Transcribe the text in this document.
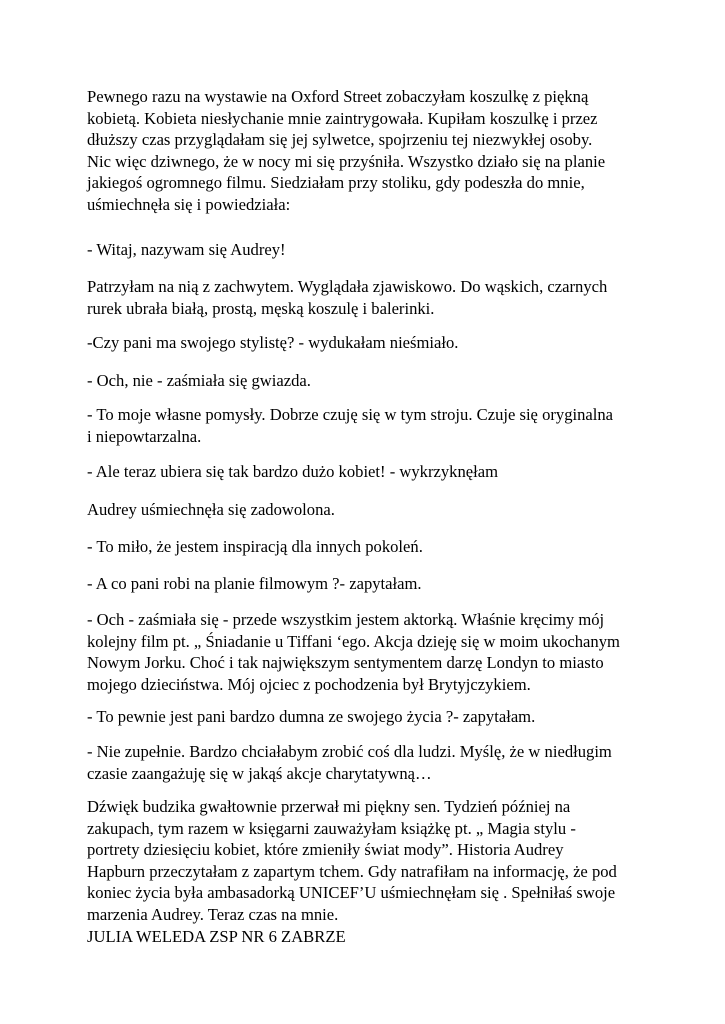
Pewnego razu na wystawie na Oxford Street zobaczyłam koszulkę z piękną
kobietą. Kobieta niesłychanie mnie zaintrygowała. Kupiłam koszulkę i przez
dłuższy czas przyglądałam się jej sylwetce, spojrzeniu tej niezwykłej osoby.
Nic więc dziwnego, że w nocy mi się przyśniła. Wszystko działo się na planie
jakiegoś ogromnego filmu. Siedziałam przy stoliku, gdy podeszła do mnie,
uśmiechnęła się i powiedziała:

- Witaj, nazywam się Audrey!

Patrzyłam na nią z zachwytem. Wyglądała zjawiskowo. Do wąskich, czarnych
rurek ubrała białą, prostą, męską koszulę i balerinki.

-Czy pani ma swojego stylistę? - wydukałam nieśmiało.

- Och, nie - zaśmiała się gwiazda.

- To moje własne pomysły. Dobrze czuję się w tym stroju. Czuje się oryginalna
i niepowtarzalna.

- Ale teraz ubiera się tak bardzo dużo kobiet! - wykrzyknęłam

Audrey uśmiechnęła się zadowolona.

- To miło, że jestem inspiracją dla innych pokoleń.

- A co pani robi na planie filmowym ?- zapytałam.

- Och - zaśmiała się - przede wszystkim jestem aktorką. Właśnie kręcimy mój
kolejny film pt. „ Śniadanie u Tiffani ‘ego. Akcja dzieję się w moim ukochanym
Nowym Jorku. Choć i tak największym sentymentem darzę Londyn to miasto
mojego dzieciństwa. Mój ojciec z pochodzenia był Brytyjczykiem.

- To pewnie jest pani bardzo dumna ze swojego życia ?- zapytałam.

- Nie zupełnie. Bardzo chciałabym zrobić coś dla ludzi. Myślę, że w niedługim
czasie zaangażuję się w jakąś akcje charytatywną…

Dźwięk budzika gwałtownie przerwał mi piękny sen. Tydzień później na
zakupach, tym razem w księgarni zauważyłam książkę pt. „ Magia stylu -
portrety dziesięciu kobiet, które zmieniły świat mody”. Historia Audrey
Hapburn przeczytałam z zapartym tchem. Gdy natrafiłam na informację, że pod
koniec życia była ambasadorką UNICEF’U uśmiechnęłam się . Spełniłaś swoje
marzenia Audrey. Teraz czas na mnie.
JULIA WELEDA ZSP NR 6 ZABRZE
